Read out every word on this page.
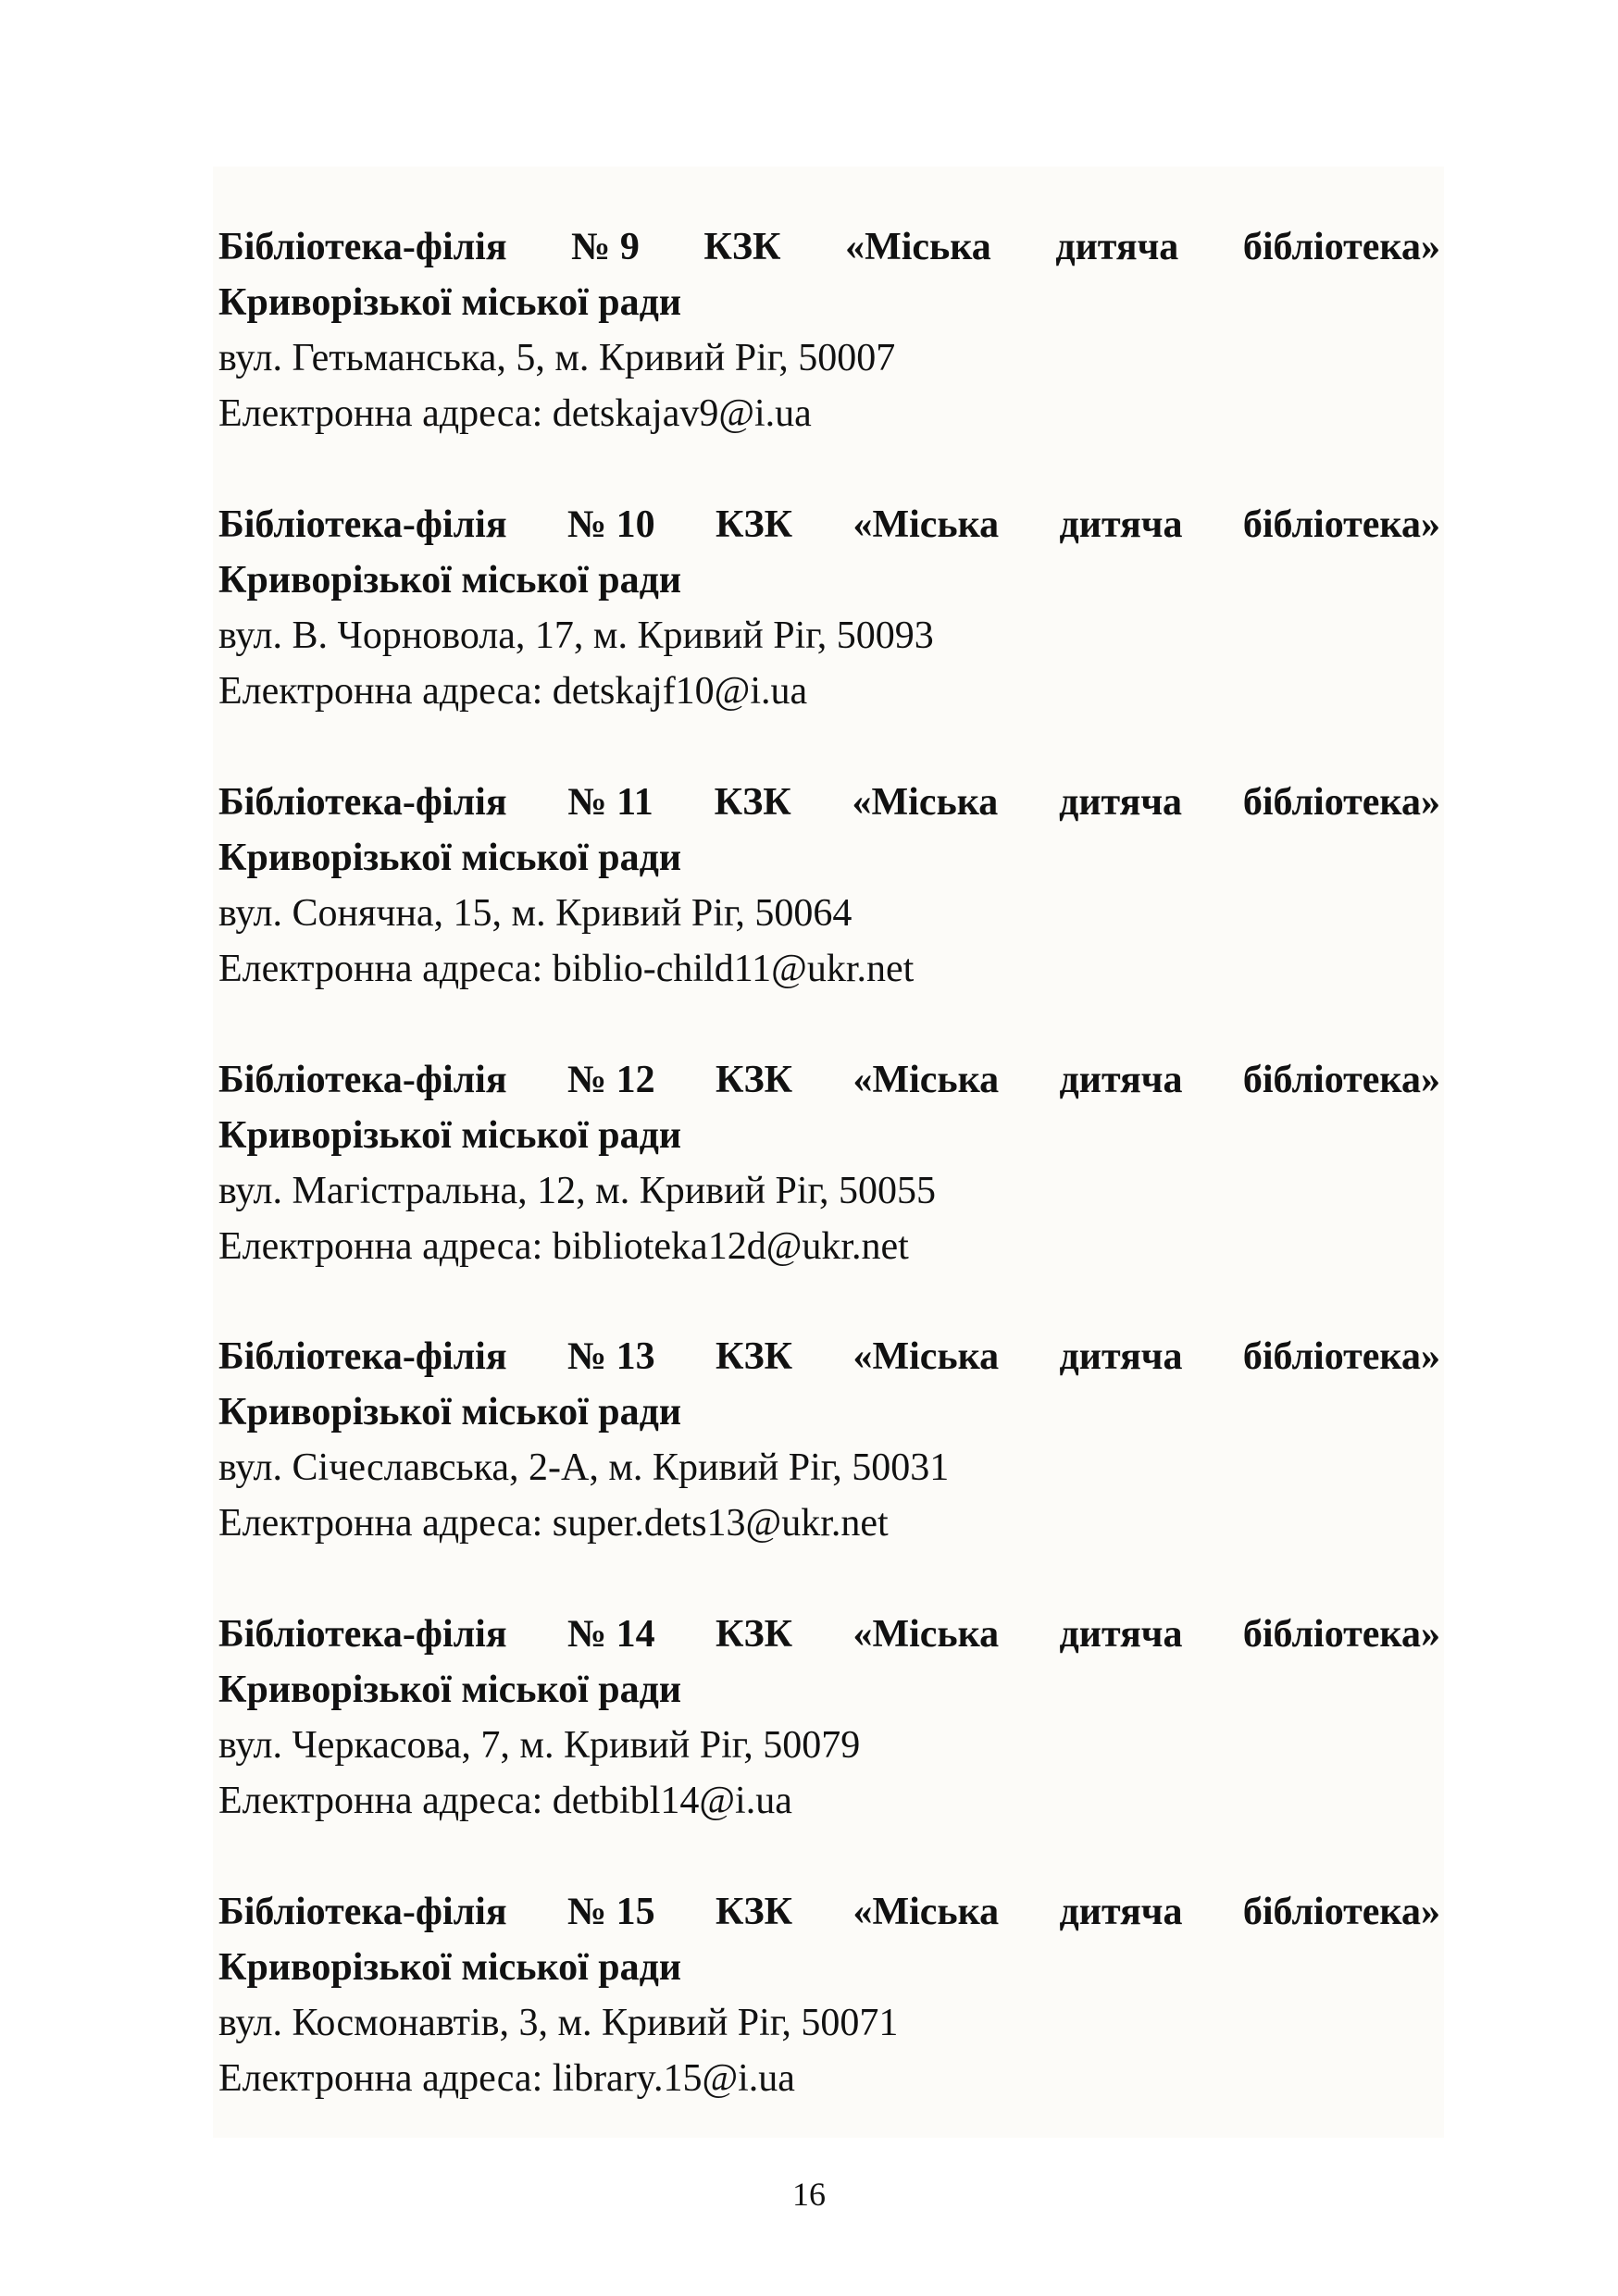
Бібліотека-філія № 9 КЗК «Міська дитяча бібліотека»
Криворізької міської ради
вул. Гетьманська, 5, м. Кривий Ріг, 50007
Електронна адреса: detskajav9@i.ua
Бібліотека-філія № 10 КЗК «Міська дитяча бібліотека»
Криворізької міської ради
вул. В. Чорновола, 17, м. Кривий Ріг, 50093
Електронна адреса: detskajf10@i.ua
Бібліотека-філія № 11 КЗК «Міська дитяча бібліотека»
Криворізької міської ради
вул. Сонячна, 15, м. Кривий Ріг, 50064
Електронна адреса: biblio-child11@ukr.net
Бібліотека-філія № 12 КЗК «Міська дитяча бібліотека»
Криворізької міської ради
вул. Магістральна, 12, м. Кривий Ріг, 50055
Електронна адреса: biblioteka12d@ukr.net
Бібліотека-філія № 13 КЗК «Міська дитяча бібліотека»
Криворізької міської ради
вул. Січеславська, 2-А, м. Кривий Ріг, 50031
Електронна адреса: super.dets13@ukr.net
Бібліотека-філія № 14 КЗК «Міська дитяча бібліотека»
Криворізької міської ради
вул. Черкасова, 7, м. Кривий Ріг, 50079
Електронна адреса: detbibl14@i.ua
Бібліотека-філія № 15 КЗК «Міська дитяча бібліотека»
Криворізької міської ради
вул. Космонавтів, 3, м. Кривий Ріг, 50071
Електронна адреса: library.15@i.ua
16
